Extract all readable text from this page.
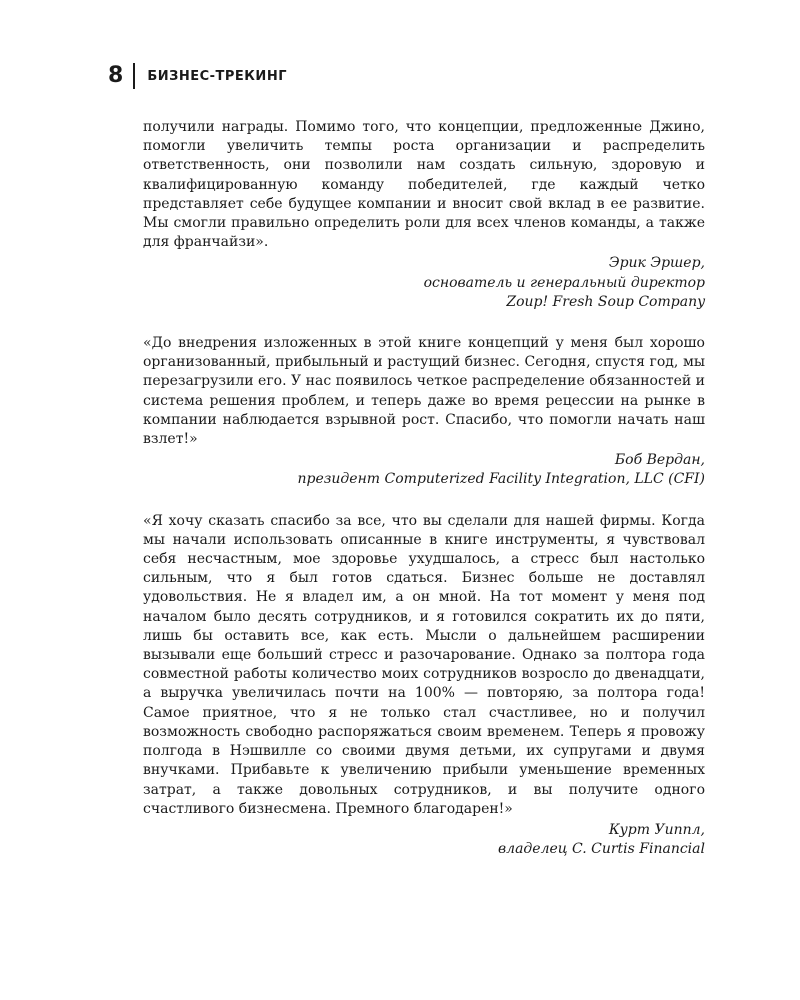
8 БИЗНЕС-ТРЕКИНГ

получили награды. Помимо того, что концепции, предложенные Джино, помогли увеличить темпы роста организации и распределить ответственность, они позволили нам создать сильную, здоровую и квалифицированную команду победителей, где каждый четко представляет себе будущее компании и вносит свой вклад в ее развитие. Мы смогли правильно определить роли для всех членов команды, а также для франчайзи».

Эрик Эршер,
основатель и генеральный директор
Zoup! Fresh Soup Company

«До внедрения изложенных в этой книге концепций у меня был хорошо организованный, прибыльный и растущий бизнес. Сегодня, спустя год, мы перезагрузили его. У нас появилось четкое распределение обязанностей и система решения проблем, и теперь даже во время рецессии на рынке в компании наблюдается взрывной рост. Спасибо, что помогли начать наш взлет!»

Боб Вердан,
президент Computerized Facility Integration, LLC (CFI)

«Я хочу сказать спасибо за все, что вы сделали для нашей фирмы. Когда мы начали использовать описанные в книге инструменты, я чувствовал себя несчастным, мое здоровье ухудшалось, а стресс был настолько сильным, что я был готов сдаться. Бизнес больше не доставлял удовольствия. Не я владел им, а он мной. На тот момент у меня под началом было десять сотрудников, и я готовился сократить их до пяти, лишь бы оставить все, как есть. Мысли о дальнейшем расширении вызывали еще больший стресс и разочарование. Однако за полтора года совместной работы количество моих сотрудников возросло до двенадцати, а выручка увеличилась почти на 100% — повторяю, за полтора года! Самое приятное, что я не только стал счастливее, но и получил возможность свободно распоряжаться своим временем. Теперь я провожу полгода в Нэшвилле со своими двумя детьми, их супругами и двумя внучками. Прибавьте к увеличению прибыли уменьшение временных затрат, а также довольных сотрудников, и вы получите одного счастливого бизнесмена. Премного благодарен!»

Курт Уиппл,
владелец C. Curtis Financial
